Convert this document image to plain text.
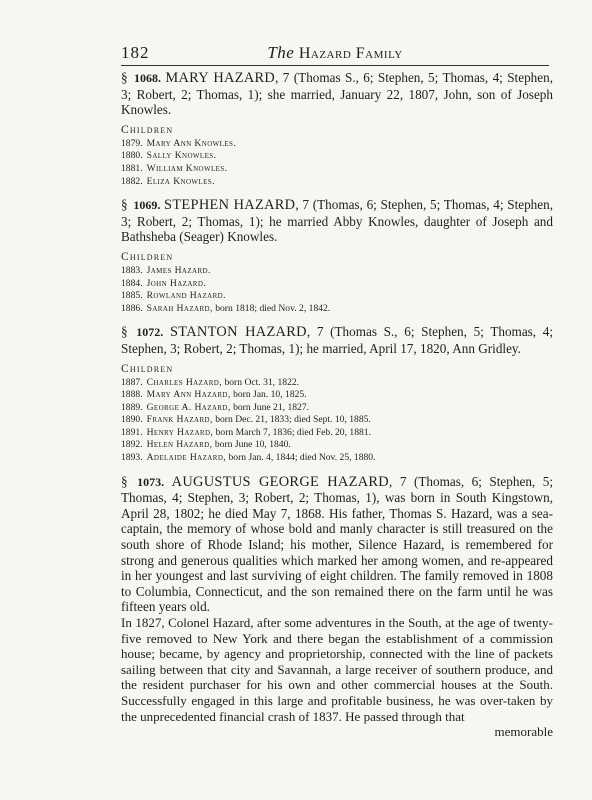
182	The Hazard Family

§ 1068. MARY HAZARD, 7 (Thomas S., 6; Stephen, 5; Thomas, 4; Stephen, 3; Robert, 2; Thomas, 1); she married, January 22, 1807, John, son of Joseph Knowles.

Children
1879. Mary Ann Knowles.
1880. Sally Knowles.
1881. William Knowles.
1882. Eliza Knowles.

§ 1069. STEPHEN HAZARD, 7 (Thomas, 6; Stephen, 5; Thomas, 4; Stephen, 3; Robert, 2; Thomas, 1); he married Abby Knowles, daughter of Joseph and Bathsheba (Seager) Knowles.

Children
1883. James Hazard.
1884. John Hazard.
1885. Rowland Hazard.
1886. Sarah Hazard, born 1818; died Nov. 2, 1842.

§ 1072. STANTON HAZARD, 7 (Thomas S., 6; Stephen, 5; Thomas, 4; Stephen, 3; Robert, 2; Thomas, 1); he married, April 17, 1820, Ann Gridley.

Children
1887. Charles Hazard, born Oct. 31, 1822.
1888. Mary Ann Hazard, born Jan. 10, 1825.
1889. George A. Hazard, born June 21, 1827.
1890. Frank Hazard, born Dec. 21, 1833; died Sept. 10, 1885.
1891. Henry Hazard, born March 7, 1836; died Feb. 20, 1881.
1892. Helen Hazard, born June 10, 1840.
1893. Adelaide Hazard, born Jan. 4, 1844; died Nov. 25, 1880.

§ 1073. AUGUSTUS GEORGE HAZARD, 7 (Thomas, 6; Stephen, 5; Thomas, 4; Stephen, 3; Robert, 2; Thomas, 1), was born in South Kingstown, April 28, 1802; he died May 7, 1868. His father, Thomas S. Hazard, was a sea-captain, the memory of whose bold and manly character is still treasured on the south shore of Rhode Island; his mother, Silence Hazard, is remembered for strong and generous qualities which marked her among women, and re-appeared in her youngest and last surviving of eight children. The family removed in 1808 to Columbia, Connecticut, and the son remained there on the farm until he was fifteen years old.

In 1827, Colonel Hazard, after some adventures in the South, at the age of twenty-five removed to New York and there began the establishment of a commission house; became, by agency and proprietorship, connected with the line of packets sailing between that city and Savannah, a large receiver of southern produce, and the resident purchaser for his own and other commercial houses at the South. Successfully engaged in this large and profitable business, he was over-taken by the unprecedented financial crash of 1837. He passed through that

memorable
